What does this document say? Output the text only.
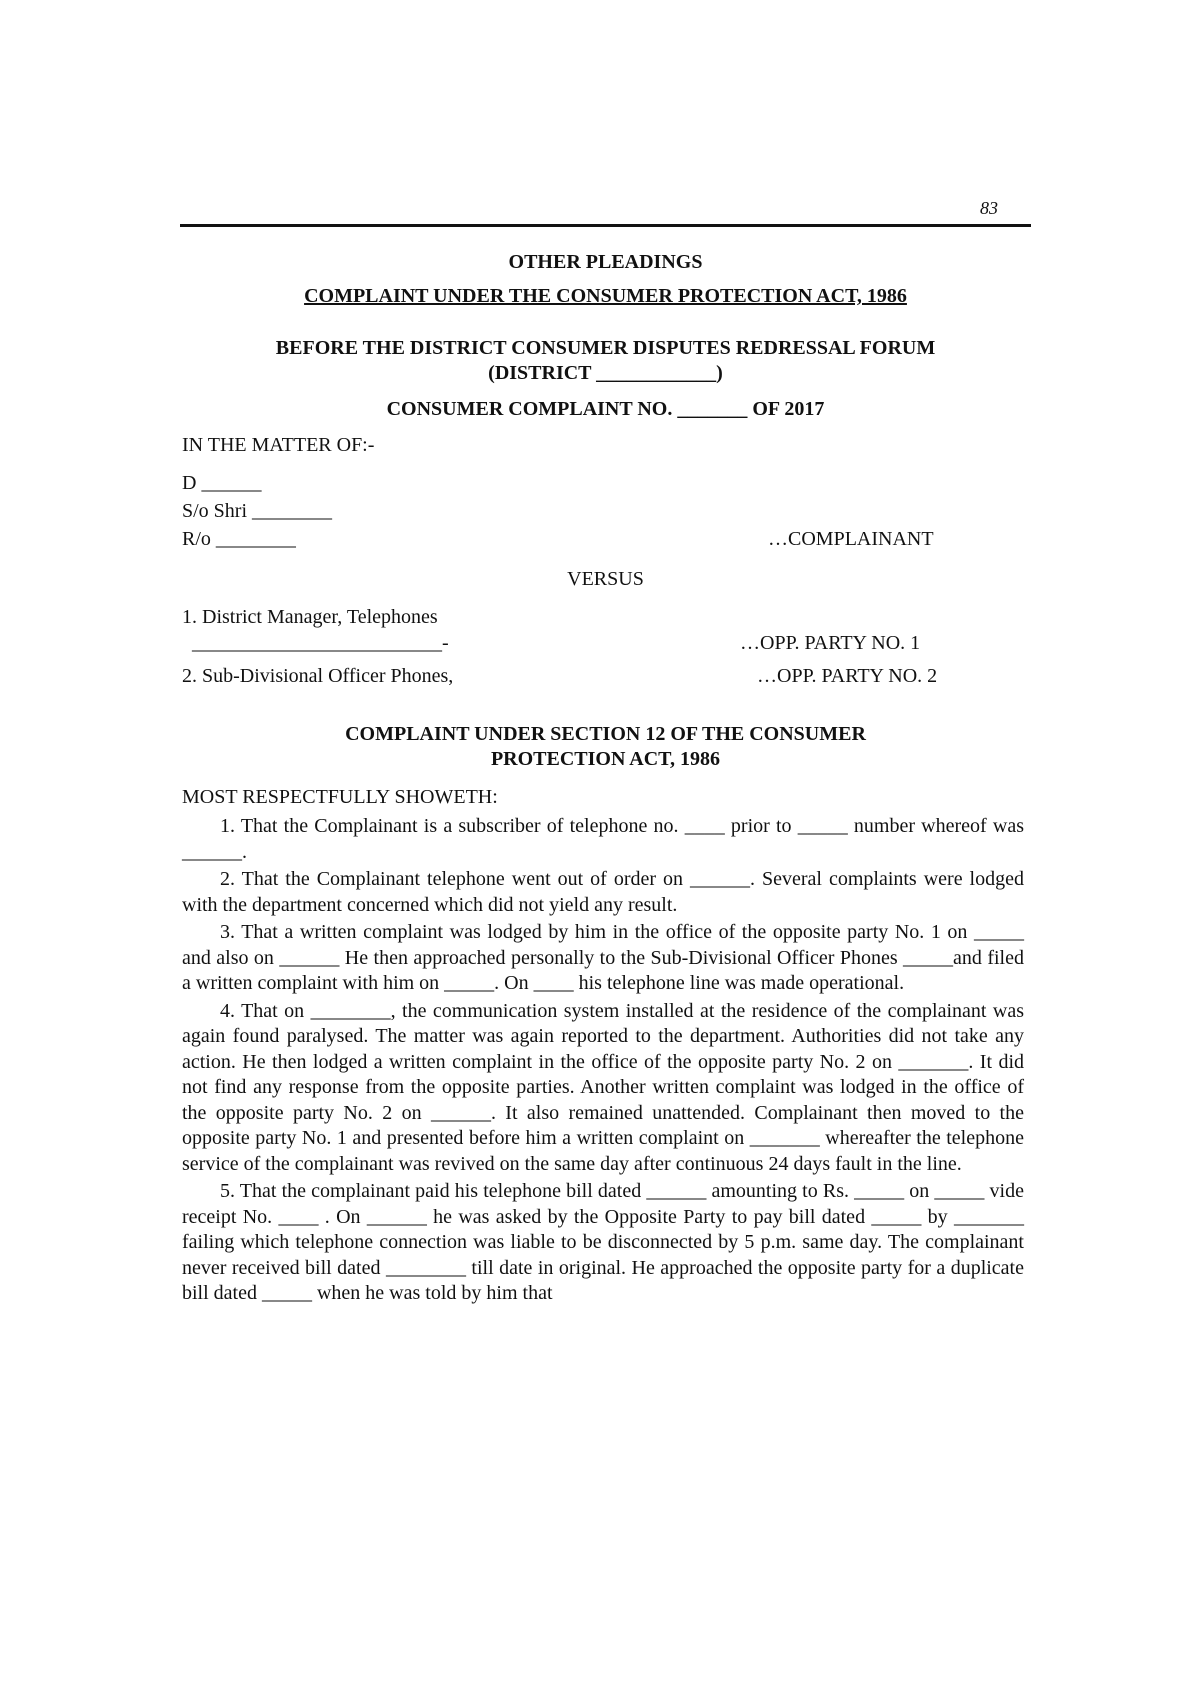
83
OTHER PLEADINGS
COMPLAINT UNDER THE CONSUMER PROTECTION ACT, 1986
BEFORE THE DISTRICT CONSUMER DISPUTES REDRESSAL FORUM
(DISTRICT ____________)
CONSUMER COMPLAINT NO. _______ OF 2017
IN THE MATTER OF:-
D ______
S/o Shri ________
R/o ________	…COMPLAINANT
VERSUS
1. District Manager, Telephones
_________________________-	…OPP. PARTY NO. 1
2. Sub-Divisional Officer Phones,	…OPP. PARTY NO. 2
COMPLAINT UNDER SECTION 12 OF THE CONSUMER
PROTECTION ACT, 1986
MOST RESPECTFULLY SHOWETH:

1. That the Complainant is a subscriber of telephone no. ____ prior to _____ number whereof was ______.

2. That the Complainant telephone went out of order on ______. Several complaints were lodged with the department concerned which did not yield any result.

3. That a written complaint was lodged by him in the office of the opposite party No. 1 on _____ and also on ______ He then approached personally to the Sub-Divisional Officer Phones _____and filed a written complaint with him on _____. On ____ his telephone line was made operational.

4. That on ________, the communication system installed at the residence of the complainant was again found paralysed. The matter was again reported to the department. Authorities did not take any action. He then lodged a written complaint in the office of the opposite party No. 2 on _______. It did not find any response from the opposite parties. Another written complaint was lodged in the office of the opposite party No. 2 on ______. It also remained unattended. Complainant then moved to the opposite party No. 1 and presented before him a written complaint on _______ whereafter the telephone service of the complainant was revived on the same day after continuous 24 days fault in the line.

5. That the complainant paid his telephone bill dated ______ amounting to Rs. _____ on _____ vide receipt No. ____ . On ______ he was asked by the Opposite Party to pay bill dated _____ by _______ failing which telephone connection was liable to be disconnected by 5 p.m. same day. The complainant never received bill dated ________ till date in original. He approached the opposite party for a duplicate bill dated _____ when he was told by him that
